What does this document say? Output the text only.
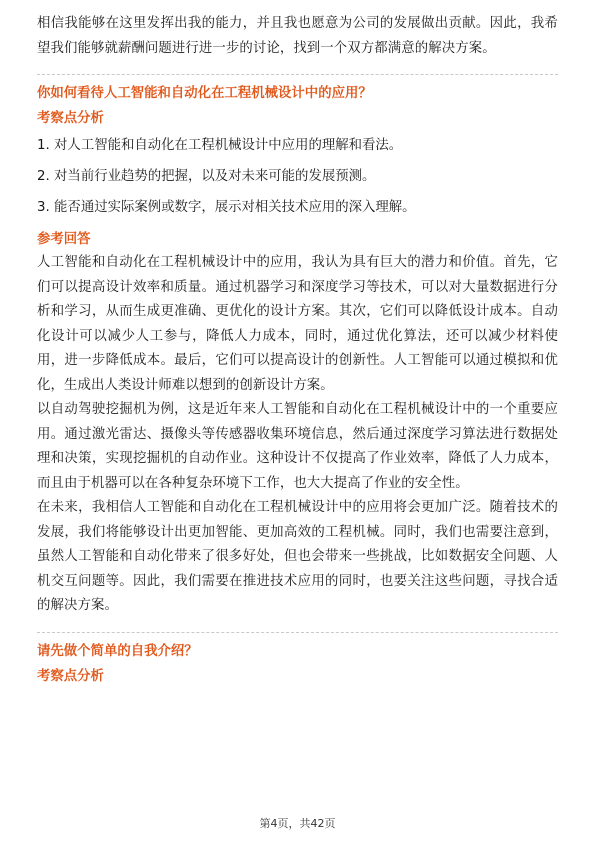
相信我能够在这里发挥出我的能力，并且我也愿意为公司的发展做出贡献。因此，我希望我们能够就薪酬问题进行进一步的讨论，找到一个双方都满意的解决方案。

你如何看待人工智能和自动化在工程机械设计中的应用？

考察点分析

1. 对人工智能和自动化在工程机械设计中应用的理解和看法。

2. 对当前行业趋势的把握，以及对未来可能的发展预测。

3. 能否通过实际案例或数字，展示对相关技术应用的深入理解。

参考回答

人工智能和自动化在工程机械设计中的应用，我认为具有巨大的潜力和价值。首先，它们可以提高设计效率和质量。通过机器学习和深度学习等技术，可以对大量数据进行分析和学习，从而生成更准确、更优化的设计方案。其次，它们可以降低设计成本。自动化设计可以减少人工参与，降低人力成本，同时，通过优化算法，还可以减少材料使用，进一步降低成本。最后，它们可以提高设计的创新性。人工智能可以通过模拟和优化，生成出人类设计师难以想到的创新设计方案。

以自动驾驶挖掘机为例，这是近年来人工智能和自动化在工程机械设计中的一个重要应用。通过激光雷达、摄像头等传感器收集环境信息，然后通过深度学习算法进行数据处理和决策，实现挖掘机的自动作业。这种设计不仅提高了作业效率，降低了人力成本，而且由于机器可以在各种复杂环境下工作，也大大提高了作业的安全性。

在未来，我相信人工智能和自动化在工程机械设计中的应用将会更加广泛。随着技术的发展，我们将能够设计出更加智能、更加高效的工程机械。同时，我们也需要注意到，虽然人工智能和自动化带来了很多好处，但也会带来一些挑战，比如数据安全问题、人机交互问题等。因此，我们需要在推进技术应用的同时，也要关注这些问题，寻找合适的解决方案。

请先做个简单的自我介绍？

考察点分析

第4页，共42页
